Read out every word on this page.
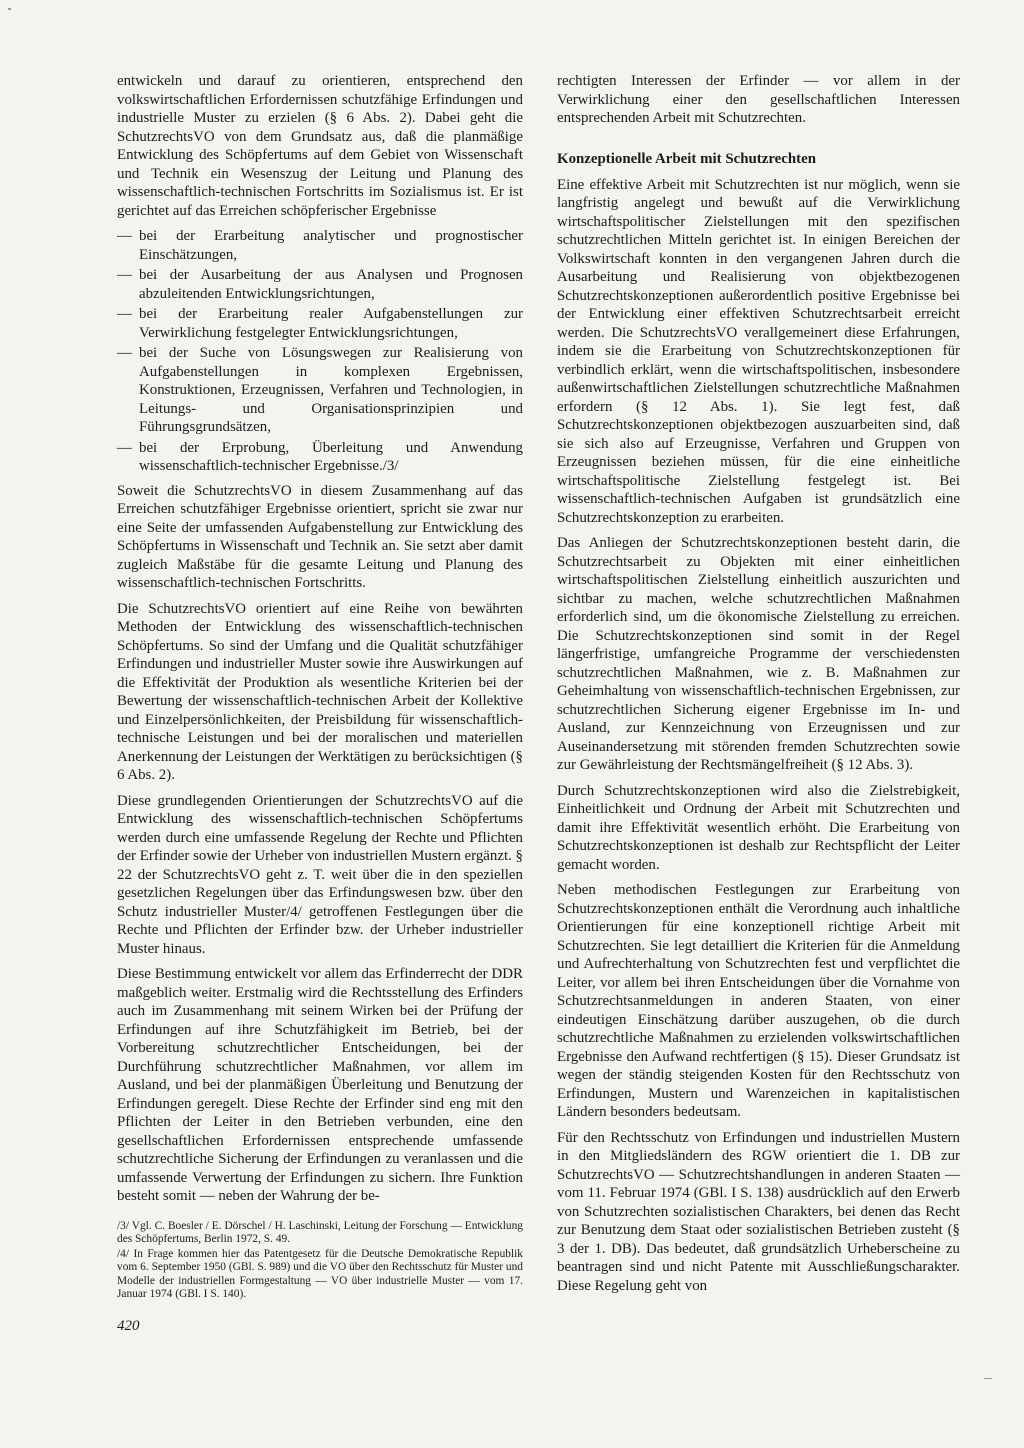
entwickeln und darauf zu orientieren, entsprechend den volkswirtschaftlichen Erfordernissen schutzfähige Erfindungen und industrielle Muster zu erzielen (§ 6 Abs. 2). Dabei geht die SchutzrechtsVO von dem Grundsatz aus, daß die planmäßige Entwicklung des Schöpfertums auf dem Gebiet von Wissenschaft und Technik ein Wesenszug der Leitung und Planung des wissenschaftlich-technischen Fortschritts im Sozialismus ist. Er ist gerichtet auf das Erreichen schöpferischer Ergebnisse

— bei der Erarbeitung analytischer und prognostischer Einschätzungen,
— bei der Ausarbeitung der aus Analysen und Prognosen abzuleitenden Entwicklungsrichtungen,
— bei der Erarbeitung realer Aufgabenstellungen zur Verwirklichung festgelegter Entwicklungsrichtungen,
— bei der Suche von Lösungswegen zur Realisierung von Aufgabenstellungen in komplexen Ergebnissen, Konstruktionen, Erzeugnissen, Verfahren und Technologien, in Leitungs- und Organisationsprinzipien und Führungsgrundsätzen,
— bei der Erprobung, Überleitung und Anwendung wissenschaftlich-technischer Ergebnisse./3/

Soweit die SchutzrechtsVO in diesem Zusammenhang auf das Erreichen schutzfähiger Ergebnisse orientiert, spricht sie zwar nur eine Seite der umfassenden Aufgabenstellung zur Entwicklung des Schöpfertums in Wissenschaft und Technik an. Sie setzt aber damit zugleich Maßstäbe für die gesamte Leitung und Planung des wissenschaftlich-technischen Fortschritts.

Die SchutzrechtsVO orientiert auf eine Reihe von bewährten Methoden der Entwicklung des wissenschaftlich-technischen Schöpfertums. So sind der Umfang und die Qualität schutzfähiger Erfindungen und industrieller Muster sowie ihre Auswirkungen auf die Effektivität der Produktion als wesentliche Kriterien bei der Bewertung der wissenschaftlich-technischen Arbeit der Kollektive und Einzelpersönlichkeiten, der Preisbildung für wissenschaftlich-technische Leistungen und bei der moralischen und materiellen Anerkennung der Leistungen der Werktätigen zu berücksichtigen (§ 6 Abs. 2).

Diese grundlegenden Orientierungen der SchutzrechtsVO auf die Entwicklung des wissenschaftlich-technischen Schöpfertums werden durch eine umfassende Regelung der Rechte und Pflichten der Erfinder sowie der Urheber von industriellen Mustern ergänzt. § 22 der SchutzrechtsVO geht z. T. weit über die in den speziellen gesetzlichen Regelungen über das Erfindungswesen bzw. über den Schutz industrieller Muster/4/ getroffenen Festlegungen über die Rechte und Pflichten der Erfinder bzw. der Urheber industrieller Muster hinaus.

Diese Bestimmung entwickelt vor allem das Erfinderrecht der DDR maßgeblich weiter. Erstmalig wird die Rechtsstellung des Erfinders auch im Zusammenhang mit seinem Wirken bei der Prüfung der Erfindungen auf ihre Schutzfähigkeit im Betrieb, bei der Vorbereitung schutzrechtlicher Entscheidungen, bei der Durchführung schutzrechtlicher Maßnahmen, vor allem im Ausland, und bei der planmäßigen Überleitung und Benutzung der Erfindungen geregelt. Diese Rechte der Erfinder sind eng mit den Pflichten der Leiter in den Betrieben verbunden, eine den gesellschaftlichen Erfordernissen entsprechende umfassende schutzrechtliche Sicherung der Erfindungen zu veranlassen und die umfassende Verwertung der Erfindungen zu sichern. Ihre Funktion besteht somit — neben der Wahrung der be-

/3/ Vgl. C. Boesler / E. Dörschel / H. Laschinski, Leitung der Forschung — Entwicklung des Schöpfertums, Berlin 1972, S. 49.

/4/ In Frage kommen hier das Patentgesetz für die Deutsche Demokratische Republik vom 6. September 1950 (GBl. S. 989) und die VO über den Rechtsschutz für Muster und Modelle der industriellen Formgestaltung — VO über industrielle Muster — vom 17. Januar 1974 (GBl. I S. 140).

rechtigten Interessen der Erfinder — vor allem in der Verwirklichung einer den gesellschaftlichen Interessen entsprechenden Arbeit mit Schutzrechten.

Konzeptionelle Arbeit mit Schutzrechten

Eine effektive Arbeit mit Schutzrechten ist nur möglich, wenn sie langfristig angelegt und bewußt auf die Verwirklichung wirtschaftspolitischer Zielstellungen mit den spezifischen schutzrechtlichen Mitteln gerichtet ist. In einigen Bereichen der Volkswirtschaft konnten in den vergangenen Jahren durch die Ausarbeitung und Realisierung von objektbezogenen Schutzrechtskonzeptionen außerordentlich positive Ergebnisse bei der Entwicklung einer effektiven Schutzrechtsarbeit erreicht werden. Die SchutzrechtsVO verallgemeinert diese Erfahrungen, indem sie die Erarbeitung von Schutzrechtskonzeptionen für verbindlich erklärt, wenn die wirtschaftspolitischen, insbesondere außenwirtschaftlichen Zielstellungen schutzrechtliche Maßnahmen erfordern (§ 12 Abs. 1). Sie legt fest, daß Schutzrechtskonzeptionen objektbezogen auszuarbeiten sind, daß sie sich also auf Erzeugnisse, Verfahren und Gruppen von Erzeugnissen beziehen müssen, für die eine einheitliche wirtschaftspolitische Zielstellung festgelegt ist. Bei wissenschaftlich-technischen Aufgaben ist grundsätzlich eine Schutzrechtskonzeption zu erarbeiten.

Das Anliegen der Schutzrechtskonzeptionen besteht darin, die Schutzrechtsarbeit zu Objekten mit einer einheitlichen wirtschaftspolitischen Zielstellung einheitlich auszurichten und sichtbar zu machen, welche schutzrechtlichen Maßnahmen erforderlich sind, um die ökonomische Zielstellung zu erreichen. Die Schutzrechtskonzeptionen sind somit in der Regel längerfristige, umfangreiche Programme der verschiedensten schutzrechtlichen Maßnahmen, wie z. B. Maßnahmen zur Geheimhaltung von wissenschaftlich-technischen Ergebnissen, zur schutzrechtlichen Sicherung eigener Ergebnisse im In- und Ausland, zur Kennzeichnung von Erzeugnissen und zur Auseinandersetzung mit störenden fremden Schutzrechten sowie zur Gewährleistung der Rechtsmängelfreiheit (§ 12 Abs. 3).

Durch Schutzrechtskonzeptionen wird also die Zielstrebigkeit, Einheitlichkeit und Ordnung der Arbeit mit Schutzrechten und damit ihre Effektivität wesentlich erhöht. Die Erarbeitung von Schutzrechtskonzeptionen ist deshalb zur Rechtspflicht der Leiter gemacht worden.

Neben methodischen Festlegungen zur Erarbeitung von Schutzrechtskonzeptionen enthält die Verordnung auch inhaltliche Orientierungen für eine konzeptionell richtige Arbeit mit Schutzrechten. Sie legt detailliert die Kriterien für die Anmeldung und Aufrechterhaltung von Schutzrechten fest und verpflichtet die Leiter, vor allem bei ihren Entscheidungen über die Vornahme von Schutzrechtsanmeldungen in anderen Staaten, von einer eindeutigen Einschätzung darüber auszugehen, ob die durch schutzrechtliche Maßnahmen zu erzielenden volkswirtschaftlichen Ergebnisse den Aufwand rechtfertigen (§ 15). Dieser Grundsatz ist wegen der ständig steigenden Kosten für den Rechtsschutz von Erfindungen, Mustern und Warenzeichen in kapitalistischen Ländern besonders bedeutsam.

Für den Rechtsschutz von Erfindungen und industriellen Mustern in den Mitgliedsländern des RGW orientiert die 1. DB zur SchutzrechtsVO — Schutzrechtshandlungen in anderen Staaten — vom 11. Februar 1974 (GBl. I S. 138) ausdrücklich auf den Erwerb von Schutzrechten sozialistischen Charakters, bei denen das Recht zur Benutzung dem Staat oder sozialistischen Betrieben zusteht (§ 3 der 1. DB). Das bedeutet, daß grundsätzlich Urheberscheine zu beantragen sind und nicht Patente mit Ausschließungscharakter. Diese Regelung geht von

420
